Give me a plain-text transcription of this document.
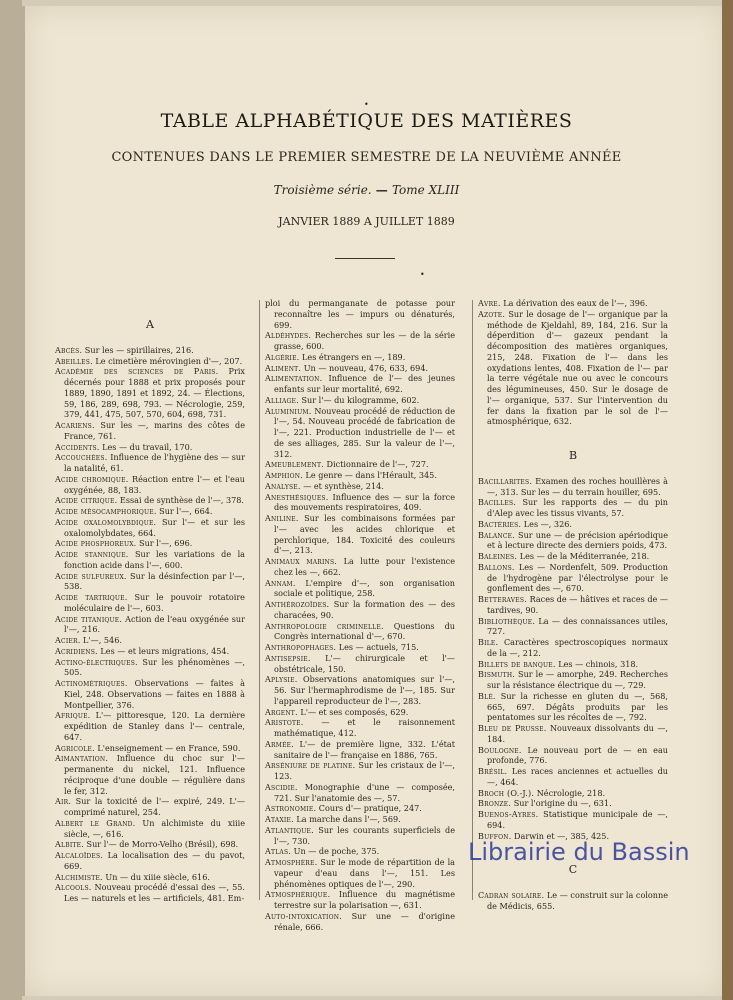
•
TABLE ALPHABÉTIQUE DES MATIÈRES
CONTENUES DANS LE PREMIER SEMESTRE DE LA NEUVIÈME ANNÉE
Troisième série. — Tome XLIII
JANVIER 1889 A JUILLET 1889
•
A

Abcès. Sur les — spirillaires, 216.

Abeilles. Le cimetière mérovingien d'—, 207.

Académie des sciences de Paris. Prix décernés pour 1888 et prix proposés pour 1889, 1890, 1891 et 1892, 24. — Élections, 59, 186, 289, 698, 793. — Nécrologie, 259, 379, 441, 475, 507, 570, 604, 698, 731.

Acariens. Sur les —, marins des côtes de France, 761.

Accidents. Les — du travail, 170.

Accouchées. Influence de l'hygiène des — sur la natalité, 61.

Acide chromique. Réaction entre l'— et l'eau oxygénée, 88, 183.

Acide citrique. Essai de synthèse de l'—, 378.

Acide mésocamphorique. Sur l'—, 664.

Acide oxalomolybdique. Sur l'— et sur les oxalomolybdates, 664.

Acide phosphoreux. Sur l'—, 696.

Acide stannique. Sur les variations de la fonction acide dans l'—, 600.

Acide sulfureux. Sur la désinfection par l'—, 538.

Acide tartrique. Sur le pouvoir rotatoire moléculaire de l'—, 603.

Acide titanique. Action de l'eau oxygénée sur l'—, 216.

Acier. L'—, 546.

Acridiens. Les — et leurs migrations, 454.

Actino-électriques. Sur les phénomènes —, 505.

Actinométriques. Observations — faites à Kiel, 248. Observations — faites en 1888 à Montpellier, 376.

Afrique. L'— pittoresque, 120. La dernière expédition de Stanley dans l'— centrale, 647.

Agricole. L'enseignement — en France, 590.

Aimantation. Influence du choc sur l'— permanente du nickel, 121. Influence réciproque d'une double — régulière dans le fer, 312.

Air. Sur la toxicité de l'— expiré, 249. L'— comprimé naturel, 254.

Albert le Grand. Un alchimiste du xiiie siècle, —, 616.

Albite. Sur l'— de Morro-Velho (Brésil), 698.

Alcaloïdes. La localisation des — du pavot, 669.

Alchimiste. Un — du xiiie siècle, 616.

Alcools. Nouveau procédé d'essai des —, 55. Les — naturels et les — artificiels, 481. Em-

ploi du permanganate de potasse pour reconnaître les — impurs ou dénaturés, 699.

Aldéhydes. Recherches sur les — de la série grasse, 600.

Algérie. Les étrangers en —, 189.

Aliment. Un — nouveau, 476, 633, 694.

Alimentation. Influence de l'— des jeunes enfants sur leur mortalité, 692.

Alliage. Sur l'— du kilogramme, 602.

Aluminium. Nouveau procédé de réduction de l'—, 54. Nouveau procédé de fabrication de l'—, 221. Production industrielle de l'— et de ses alliages, 285. Sur la valeur de l'—, 312.

Ameublement. Dictionnaire de l'—, 727.

Amphion. Le genre — dans l'Hérault, 345.

Analyse. — et synthèse, 214.

Anesthésiques. Influence des — sur la force des mouvements respiratoires, 409.

Aniline. Sur les combinaisons formées par l'— avec les acides chlorique et perchlorique, 184. Toxicité des couleurs d'—, 213.

Animaux marins. La lutte pour l'existence chez les —, 662.

Annam. L'empire d'—, son organisation sociale et politique, 258.

Anthérozoïdes. Sur la formation des — des characées, 90.

Anthropologie criminelle. Questions du Congrès international d'—, 670.

Anthropophages. Les — actuels, 715.

Antisepsie. L'— chirurgicale et l'— obstétricale, 150.

Aplysie. Observations anatomiques sur l'—, 56. Sur l'hermaphrodisme de l'—, 185. Sur l'appareil reproducteur de l'—, 283.

Argent. L'— et ses composés, 629.

Aristote. — et le raisonnement mathématique, 412.

Armée. L'— de première ligne, 332. L'état sanitaire de l'— française en 1886, 765.

Arséniure de platine. Sur les cristaux de l'—, 123.

Ascidie. Monographie d'une — composée, 721. Sur l'anatomie des —, 57.

Astronomie. Cours d'— pratique, 247.

Ataxie. La marche dans l'—, 569.

Atlantique. Sur les courants superficiels de l'—, 730.

Atlas. Un — de poche, 375.

Atmosphère. Sur le mode de répartition de la vapeur d'eau dans l'—, 151. Les phénomènes optiques de l'—, 290.

Atmosphérique. Influence du magnétisme terrestre sur la polarisation —, 631.

Auto-intoxication. Sur une — d'origine rénale, 666.

Avre. La dérivation des eaux de l'—, 396.

Azote. Sur le dosage de l'— organique par la méthode de Kjeldahl, 89, 184, 216. Sur la déperdition d'— gazeux pendant la décomposition des matières organiques, 215, 248. Fixation de l'— dans les oxydations lentes, 408. Fixation de l'— par la terre végétale nue ou avec le concours des légumineuses, 450. Sur le dosage de l'— organique, 537. Sur l'intervention du fer dans la fixation par le sol de l'— atmosphérique, 632.

B

Bacillarites. Examen des roches houillères à —, 313. Sur les — du terrain houiller, 695.

Bacilles. Sur les rapports des — du pin d'Alep avec les tissus vivants, 57.

Bactéries. Les —, 326.

Balance. Sur une — de précision apériodique et à lecture directe des derniers poids, 473.

Baleines. Les — de la Méditerranée, 218.

Ballons. Les — Nordenfelt, 509. Production de l'hydrogène par l'électrolyse pour le gonflement des —, 670.

Betteraves. Races de — hâtives et races de — tardives, 90.

Bibliothèque. La — des connaissances utiles, 727.

Bile. Caractères spectroscopiques normaux de la —, 212.

Billets de banque. Les — chinois, 318.

Bismuth. Sur le — amorphe, 249. Recherches sur la résistance électrique du —, 729.

Blé. Sur la richesse en gluten du —, 568, 665, 697. Dégâts produits par les pentatomes sur les récoltes de —, 792.

Bleu de Prusse. Nouveaux dissolvants du —, 184.

Boulogne. Le nouveau port de — en eau profonde, 776.

Brésil. Les races anciennes et actuelles du —, 464.

Broch (O.-J.). Nécrologie, 218.

Bronze. Sur l'origine du —, 631.

Buenos-Ayres. Statistique municipale de —, 694.

Buffon. Darwin et —, 385, 425.

C

Cadran solaire. Le — construit sur la colonne de Médicis, 655.

Librairie du Bassin
